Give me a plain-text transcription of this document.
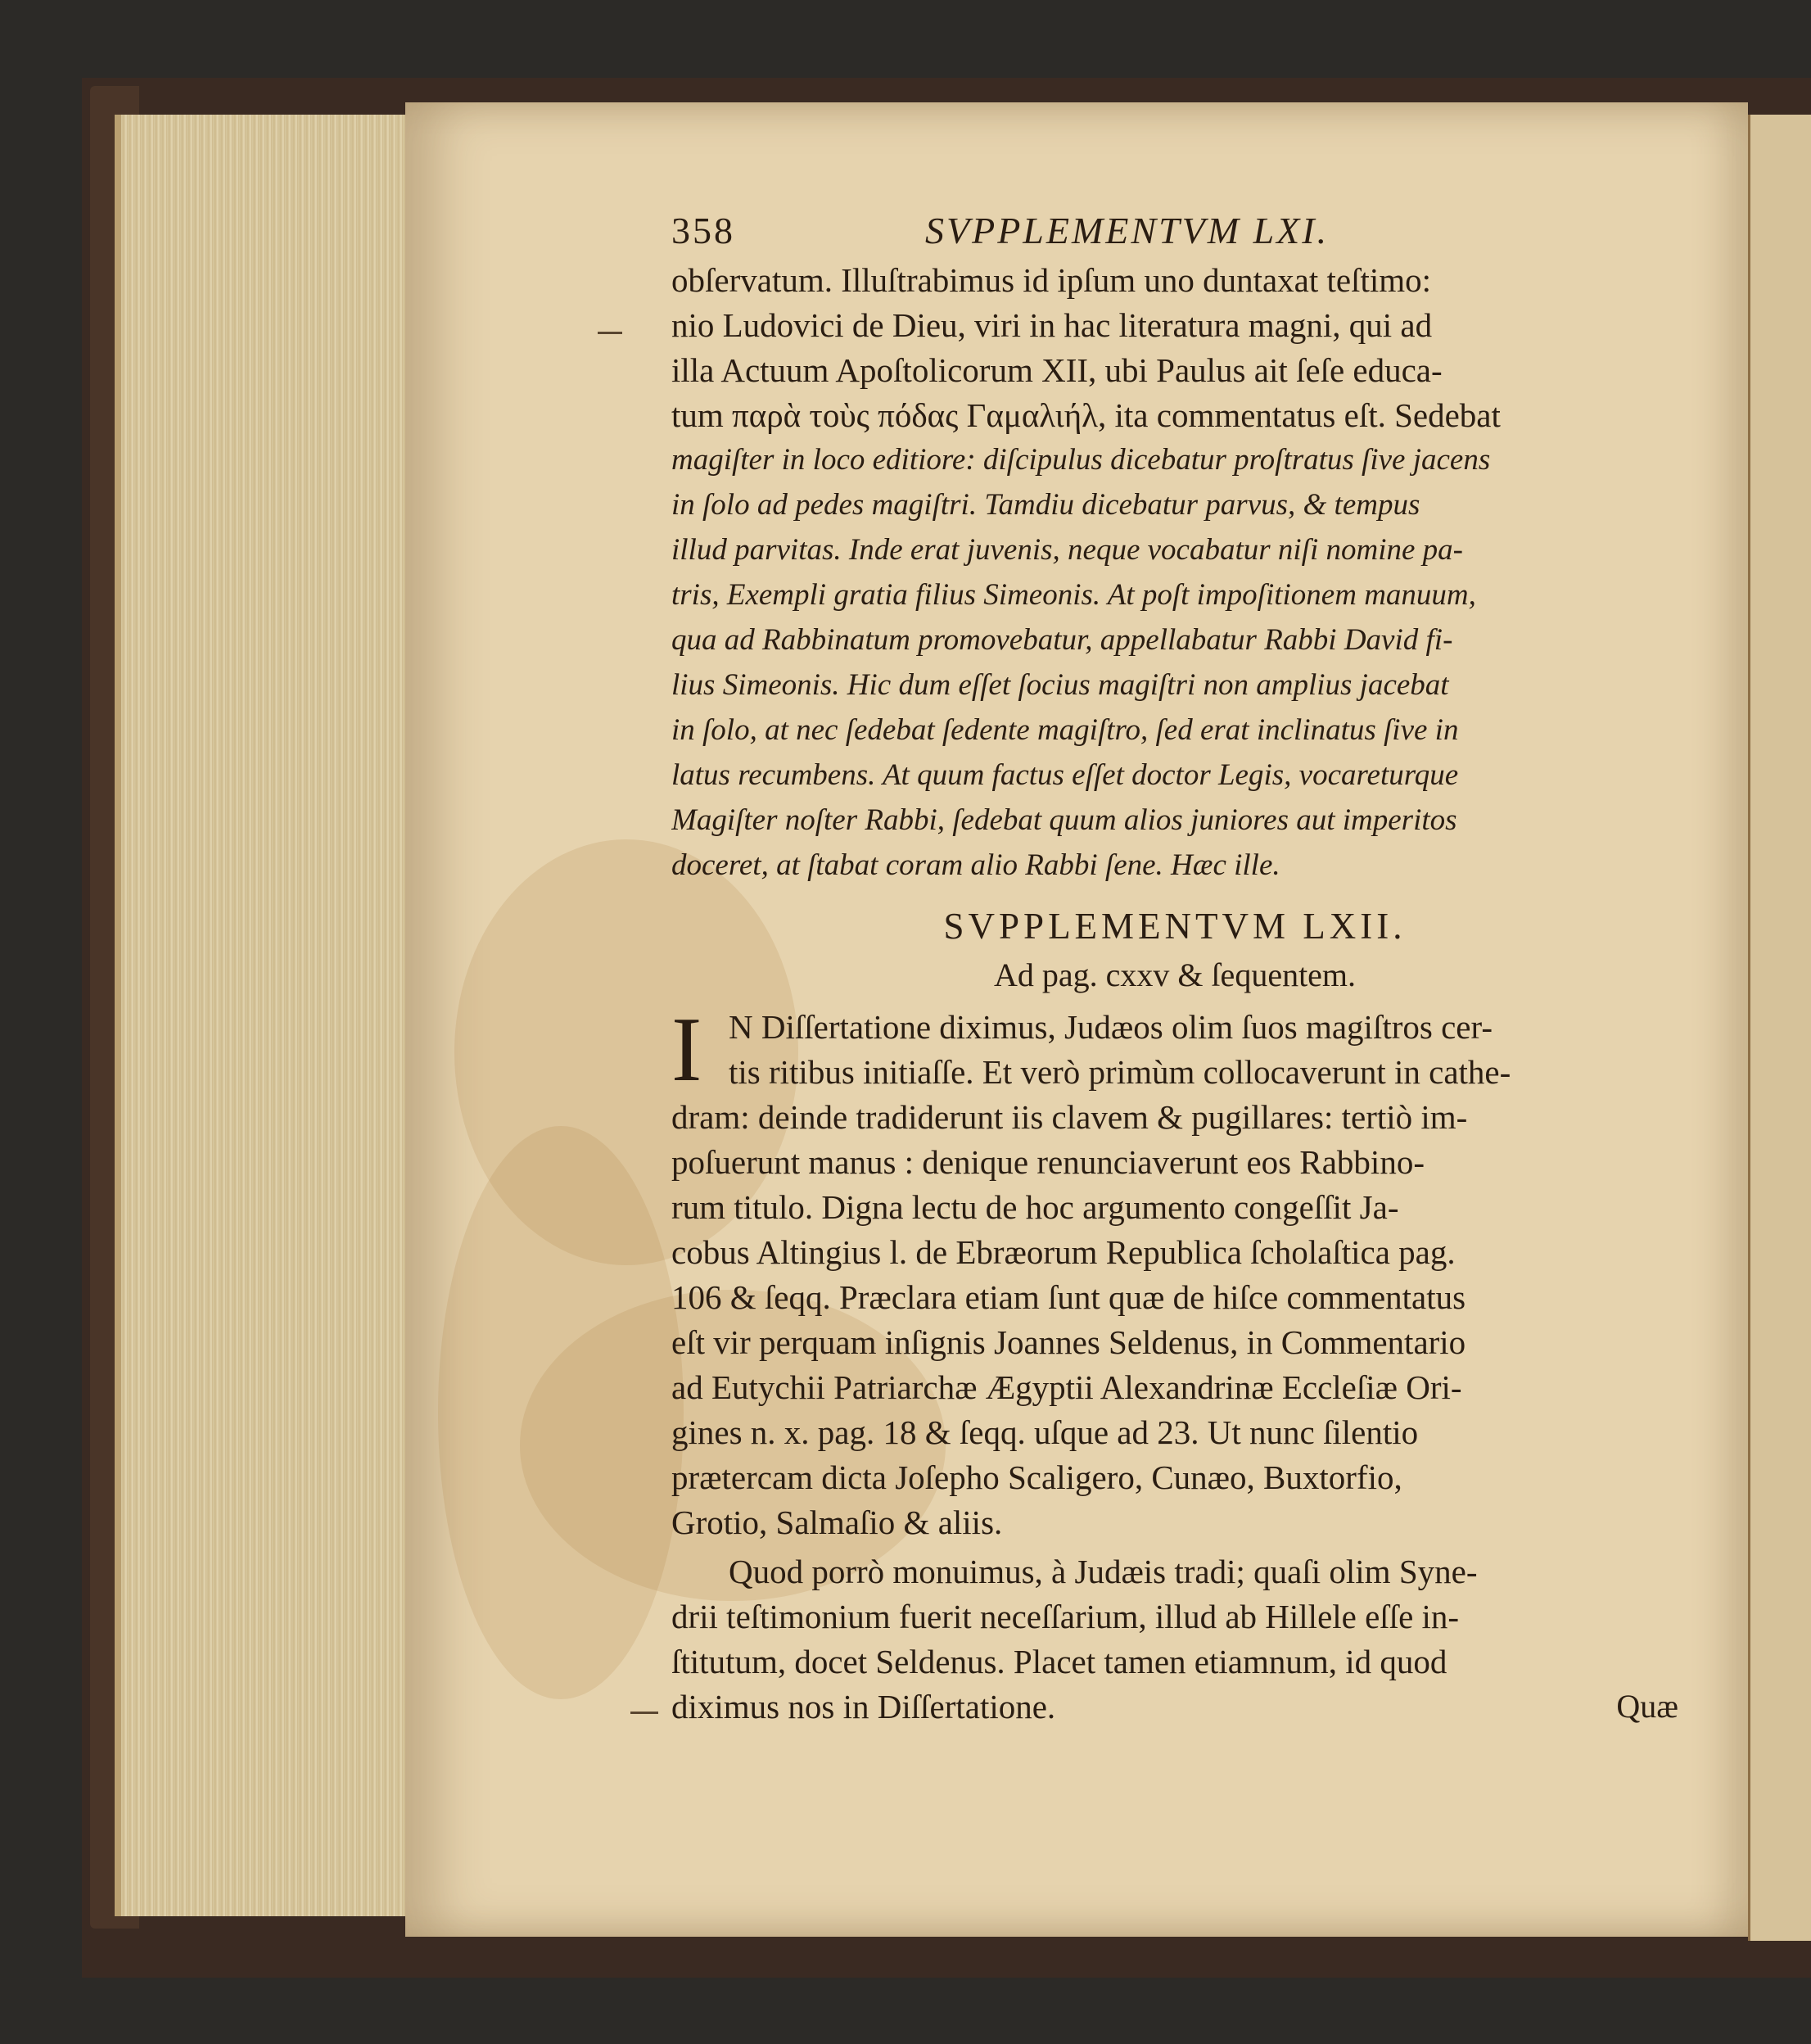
358	SVPPLEMENTVM LXI.
obſervatum. Illuſtrabimus id ipſum uno duntaxat teſtimo:
nio Ludovici de Dieu, viri in hac literatura magni, qui ad
illa Actuum Apoſtolicorum XII, ubi Paulus ait ſeſe educa-
tum παρὰ τοὺς πόδας Γαμαλιήλ, ita commentatus eſt. Sedebat
magiſter in loco editiore: diſcipulus dicebatur proſtratus ſive jacens
in ſolo ad pedes magiſtri. Tamdiu dicebatur parvus, & tempus
illud parvitas. Inde erat juvenis, neque vocabatur niſi nomine pa-
tris, Exempli gratia filius Simeonis. At poſt impoſitionem manuum,
qua ad Rabbinatum promovebatur, appellabatur Rabbi David fi-
lius Simeonis. Hic dum eſſet ſocius magiſtri non amplius jacebat
in ſolo, at nec ſedebat ſedente magiſtro, ſed erat inclinatus ſive in
latus recumbens. At quum factus eſſet doctor Legis, vocareturque
Magiſter noſter Rabbi, ſedebat quum alios juniores aut imperitos
doceret, at ſtabat coram alio Rabbi ſene. Hæc ille.
SVPPLEMENTVM LXII.
Ad pag. cxxv & ſequentem.
I N Diſſertatione diximus, Judæos olim ſuos magiſtros cer-
tis ritibus initiaſſe. Et verò primùm collocaverunt in cathe-
dram: deinde tradiderunt iis clavem & pugillares: tertiò im-
poſuerunt manus : denique renunciaverunt eos Rabbino-
rum titulo. Digna lectu de hoc argumento congeſſit Ja-
cobus Altingius l. de Ebræorum Republica ſcholaſtica pag.
106 & ſeqq. Præclara etiam ſunt quæ de hiſce commentatus
eſt vir perquam inſignis Joannes Seldenus, in Commentario
ad Eutychii Patriarchæ Ægyptii Alexandrinæ Eccleſiæ Ori-
gines n. x. pag. 18 & ſeqq. uſque ad 23. Ut nunc ſilentio
prætercam dicta Joſepho Scaligero, Cunæo, Buxtorfio,
Grotio, Salmaſio & aliis.
Quod porrò monuimus, à Judæis tradi; quaſi olim Syne-
drii teſtimonium fuerit neceſſarium, illud ab Hillele eſſe in-
ſtitutum, docet Seldenus. Placet tamen etiamnum, id quod
diximus nos in Diſſertatione.	Quæ
